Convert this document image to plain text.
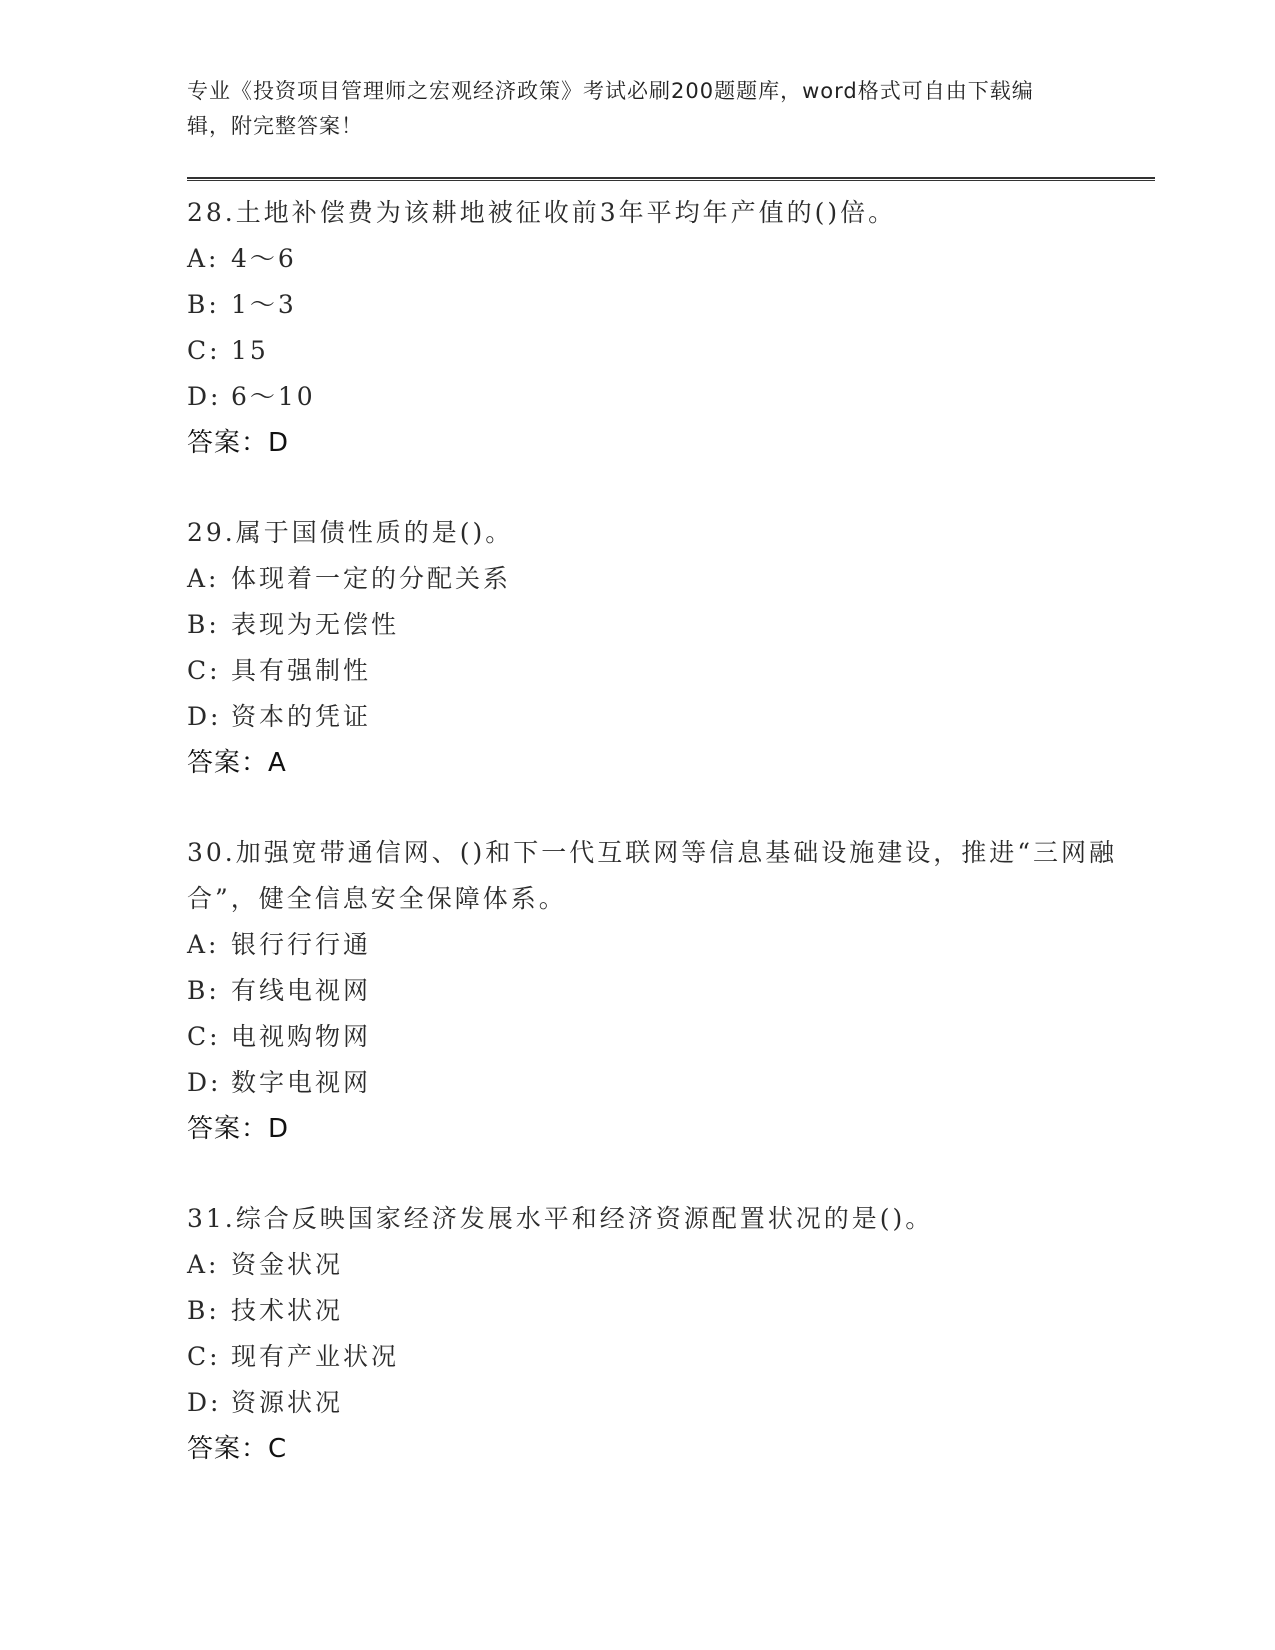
专业《投资项目管理师之宏观经济政策》考试必刷200题题库，word格式可自由下载编辑，附完整答案！
28.土地补偿费为该耕地被征收前3年平均年产值的()倍。
A: 4～6
B: 1～3
C: 15
D: 6～10
答案：D
29.属于国债性质的是()。
A: 体现着一定的分配关系
B: 表现为无偿性
C: 具有强制性
D: 资本的凭证
答案：A
30.加强宽带通信网、()和下一代互联网等信息基础设施建设，推进“三网融合”，健全信息安全保障体系。
A: 银行行行通
B: 有线电视网
C: 电视购物网
D: 数字电视网
答案：D
31.综合反映国家经济发展水平和经济资源配置状况的是()。
A: 资金状况
B: 技术状况
C: 现有产业状况
D: 资源状况
答案：C
